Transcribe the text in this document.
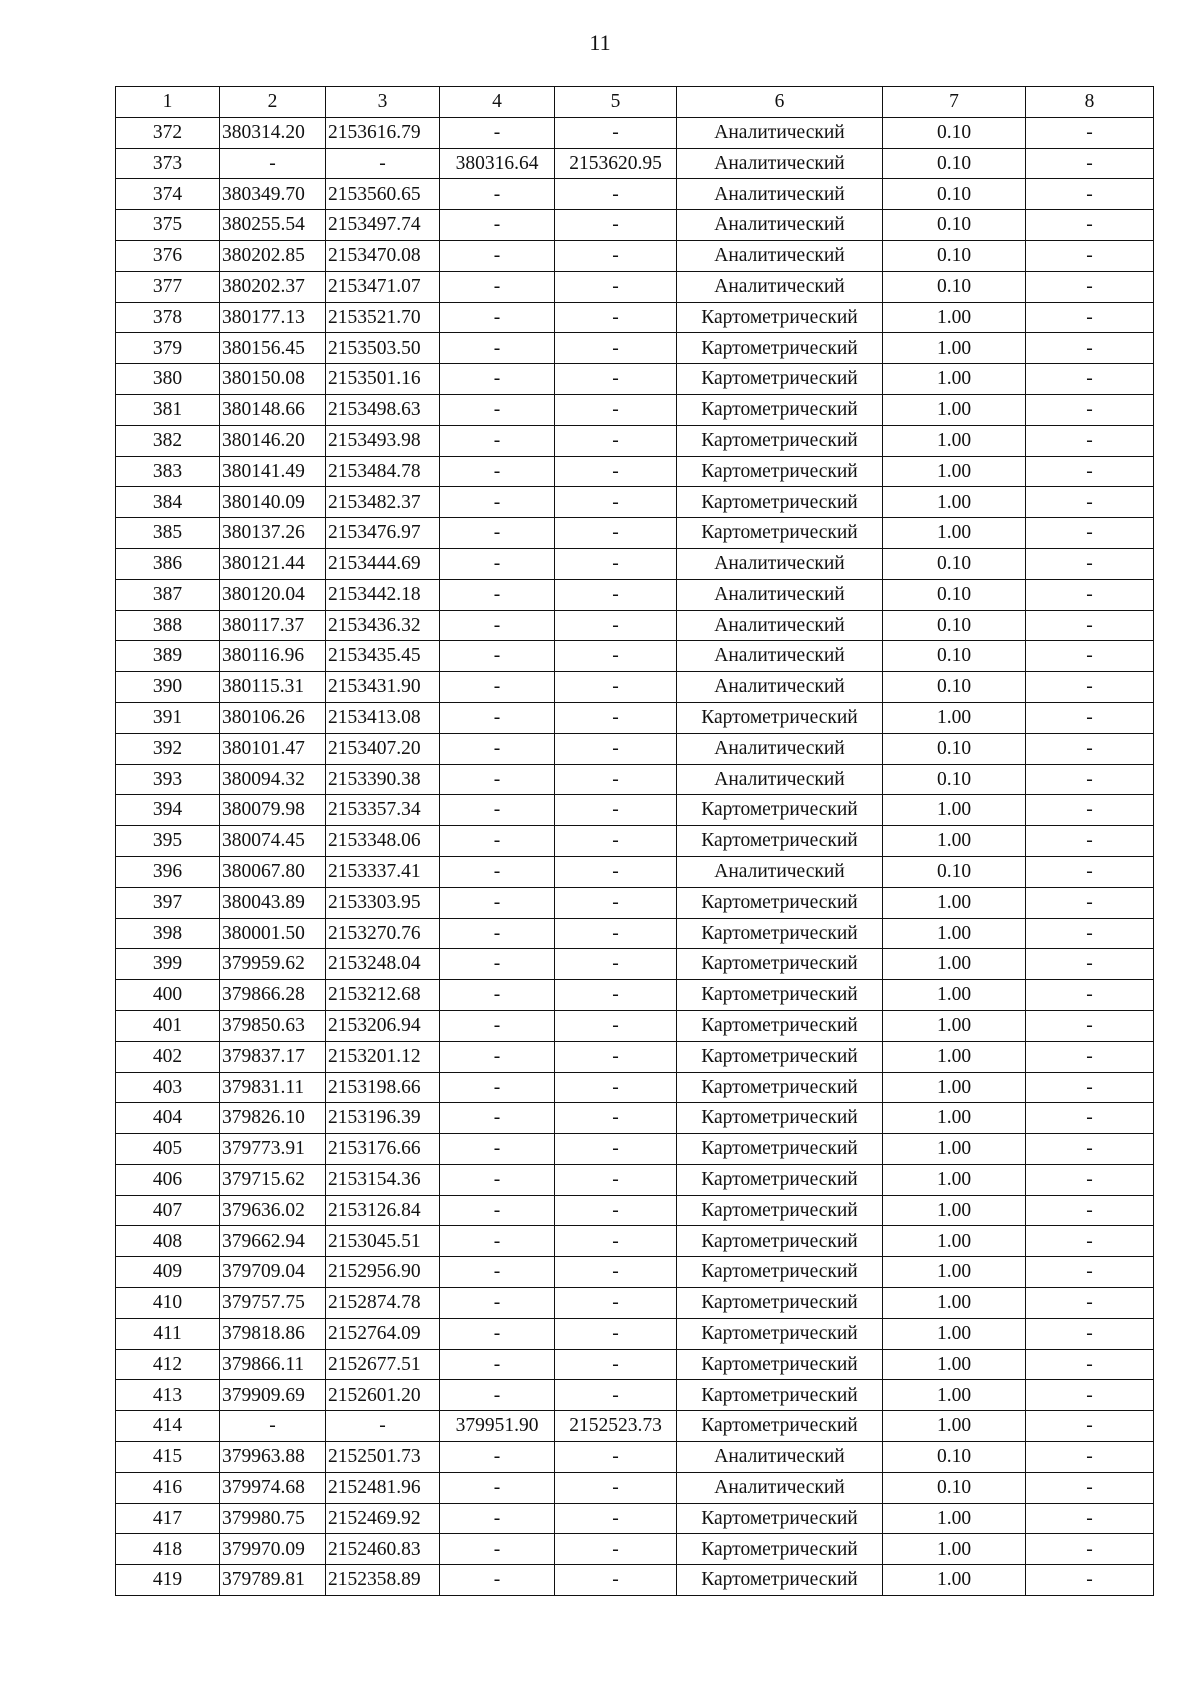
11
1	2	3	4	5	6	7	8
372	380314.20	2153616.79	-	-	Аналитический	0.10	-
373	-	-	380316.64	2153620.95	Аналитический	0.10	-
374	380349.70	2153560.65	-	-	Аналитический	0.10	-
375	380255.54	2153497.74	-	-	Аналитический	0.10	-
376	380202.85	2153470.08	-	-	Аналитический	0.10	-
377	380202.37	2153471.07	-	-	Аналитический	0.10	-
378	380177.13	2153521.70	-	-	Картометрический	1.00	-
379	380156.45	2153503.50	-	-	Картометрический	1.00	-
380	380150.08	2153501.16	-	-	Картометрический	1.00	-
381	380148.66	2153498.63	-	-	Картометрический	1.00	-
382	380146.20	2153493.98	-	-	Картометрический	1.00	-
383	380141.49	2153484.78	-	-	Картометрический	1.00	-
384	380140.09	2153482.37	-	-	Картометрический	1.00	-
385	380137.26	2153476.97	-	-	Картометрический	1.00	-
386	380121.44	2153444.69	-	-	Аналитический	0.10	-
387	380120.04	2153442.18	-	-	Аналитический	0.10	-
388	380117.37	2153436.32	-	-	Аналитический	0.10	-
389	380116.96	2153435.45	-	-	Аналитический	0.10	-
390	380115.31	2153431.90	-	-	Аналитический	0.10	-
391	380106.26	2153413.08	-	-	Картометрический	1.00	-
392	380101.47	2153407.20	-	-	Аналитический	0.10	-
393	380094.32	2153390.38	-	-	Аналитический	0.10	-
394	380079.98	2153357.34	-	-	Картометрический	1.00	-
395	380074.45	2153348.06	-	-	Картометрический	1.00	-
396	380067.80	2153337.41	-	-	Аналитический	0.10	-
397	380043.89	2153303.95	-	-	Картометрический	1.00	-
398	380001.50	2153270.76	-	-	Картометрический	1.00	-
399	379959.62	2153248.04	-	-	Картометрический	1.00	-
400	379866.28	2153212.68	-	-	Картометрический	1.00	-
401	379850.63	2153206.94	-	-	Картометрический	1.00	-
402	379837.17	2153201.12	-	-	Картометрический	1.00	-
403	379831.11	2153198.66	-	-	Картометрический	1.00	-
404	379826.10	2153196.39	-	-	Картометрический	1.00	-
405	379773.91	2153176.66	-	-	Картометрический	1.00	-
406	379715.62	2153154.36	-	-	Картометрический	1.00	-
407	379636.02	2153126.84	-	-	Картометрический	1.00	-
408	379662.94	2153045.51	-	-	Картометрический	1.00	-
409	379709.04	2152956.90	-	-	Картометрический	1.00	-
410	379757.75	2152874.78	-	-	Картометрический	1.00	-
411	379818.86	2152764.09	-	-	Картометрический	1.00	-
412	379866.11	2152677.51	-	-	Картометрический	1.00	-
413	379909.69	2152601.20	-	-	Картометрический	1.00	-
414	-	-	379951.90	2152523.73	Картометрический	1.00	-
415	379963.88	2152501.73	-	-	Аналитический	0.10	-
416	379974.68	2152481.96	-	-	Аналитический	0.10	-
417	379980.75	2152469.92	-	-	Картометрический	1.00	-
418	379970.09	2152460.83	-	-	Картометрический	1.00	-
419	379789.81	2152358.89	-	-	Картометрический	1.00	-
